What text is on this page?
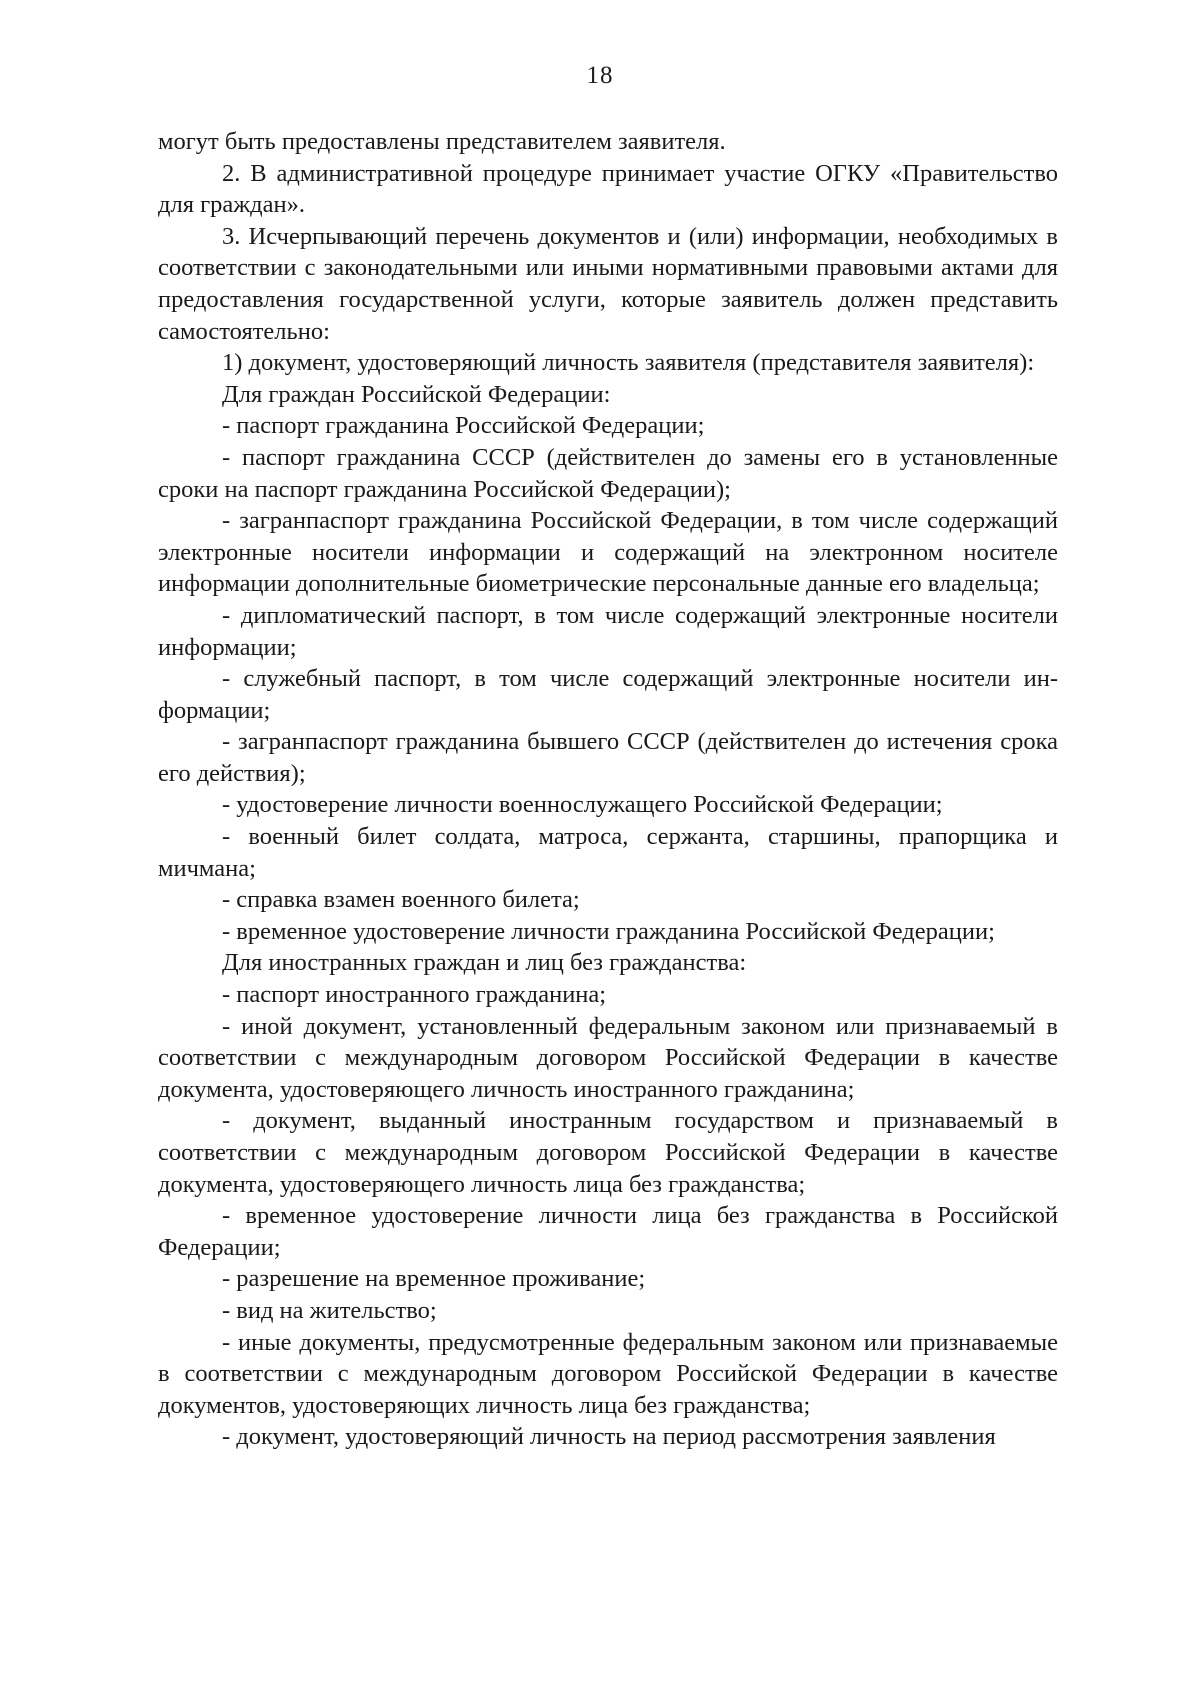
18

могут быть предоставлены представителем заявителя.

2. В административной процедуре принимает участие ОГКУ «Правительство для граждан».

3. Исчерпывающий перечень документов и (или) информации, необходимых в соответствии с законодательными или иными нормативными правовыми актами для предоставления государственной услуги, которые заявитель должен представить самостоятельно:

1) документ, удостоверяющий личность заявителя (представителя заявителя):

Для граждан Российской Федерации:

- паспорт гражданина Российской Федерации;

- паспорт гражданина СССР (действителен до замены его в установленные сроки на паспорт гражданина Российской Федерации);

- загранпаспорт гражданина Российской Федерации, в том числе содержащий электронные носители информации и содержащий на электронном носителе информации дополнительные биометрические персональные данные его владельца;

- дипломатический паспорт, в том числе содержащий электронные носители информации;

- служебный паспорт, в том числе содержащий электронные носители информации;

- загранпаспорт гражданина бывшего СССР (действителен до истечения срока его действия);

- удостоверение личности военнослужащего Российской Федерации;

- военный билет солдата, матроса, сержанта, старшины, прапорщика и мичмана;

- справка взамен военного билета;

- временное удостоверение личности гражданина Российской Федерации;

Для иностранных граждан и лиц без гражданства:

- паспорт иностранного гражданина;

- иной документ, установленный федеральным законом или признаваемый в соответствии с международным договором Российской Федерации в качестве документа, удостоверяющего личность иностранного гражданина;

- документ, выданный иностранным государством и признаваемый в соответствии с международным договором Российской Федерации в качестве документа, удостоверяющего личность лица без гражданства;

- временное удостоверение личности лица без гражданства в Российской Федерации;

- разрешение на временное проживание;

- вид на жительство;

- иные документы, предусмотренные федеральным законом или признаваемые в соответствии с международным договором Российской Федерации в качестве документов, удостоверяющих личность лица без гражданства;

- документ, удостоверяющий личность на период рассмотрения заявления
